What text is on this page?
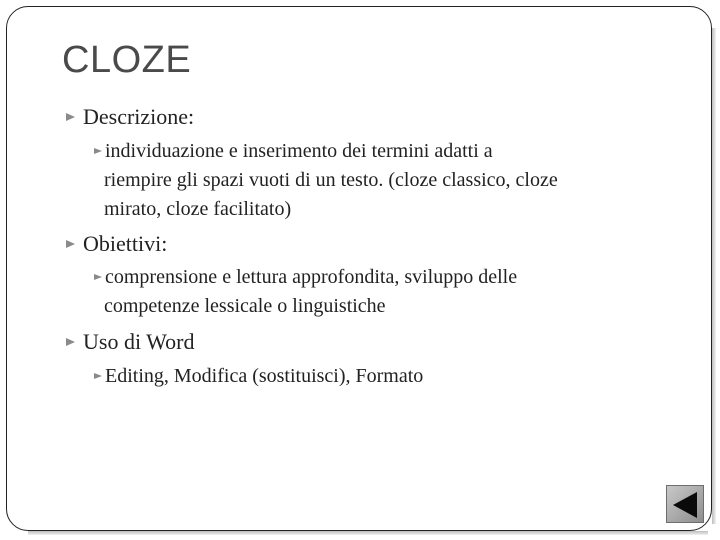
CLOZE
Descrizione:
individuazione e inserimento dei termini adatti a
riempire gli spazi vuoti di un testo. (cloze classico, cloze
mirato, cloze facilitato)
Obiettivi:
comprensione e lettura approfondita, sviluppo delle
competenze lessicale o linguistiche
Uso di Word
Editing, Modifica (sostituisci), Formato
